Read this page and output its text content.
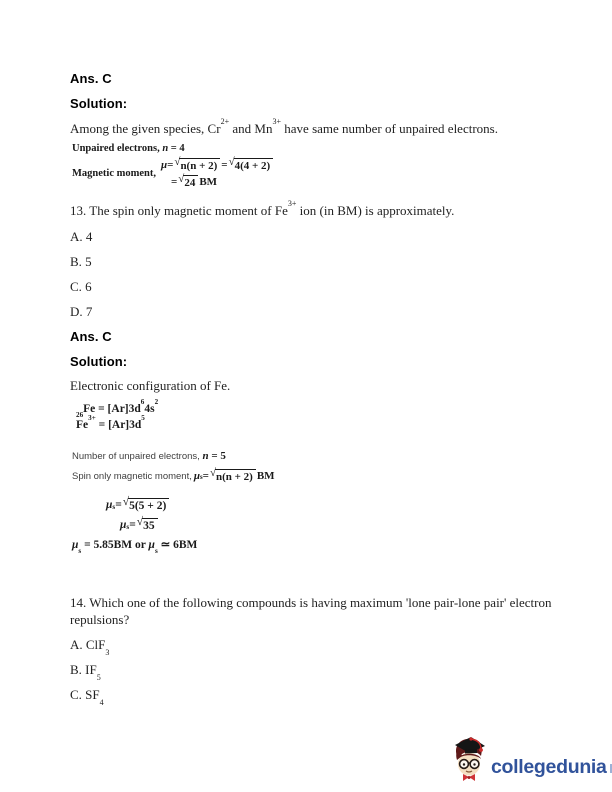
Ans. C
Solution:
Among the given species, $Cr^{2+}$ and $Mn^{3+}$ have same number of unpaired electrons.
Unpaired electrons, n = 4
Magnetic moment,
μ = √ n(n + 2) = √ 4(4 + 2)
= √ 24 BM
13. The spin only magnetic moment of $Fe^{3+}$ ion (in BM) is approximately.
A. 4
B. 5
C. 6
D. 7
Ans. C
Solution:
Electronic configuration of Fe.
$_{26}Fe = [Ar]3d^64s^2$
$Fe^{3+} = [Ar]3d^5$
Number of unpaired electrons, n = 5
Spin only magnetic moment, $\mu_s$ = √ n(n + 2) BM
$\mu_s$ = √ 5(5 + 2)
$\mu_s$ = √ 35
$\mu_s = 5.85BM$ or $\mu_s$ ≃ 6BM
14. Which one of the following compounds is having maximum 'lone pair-lone pair' electron repulsions?
A. ClF$_3$
B. $IF_5$
C. $SF_4$
collegedunia
